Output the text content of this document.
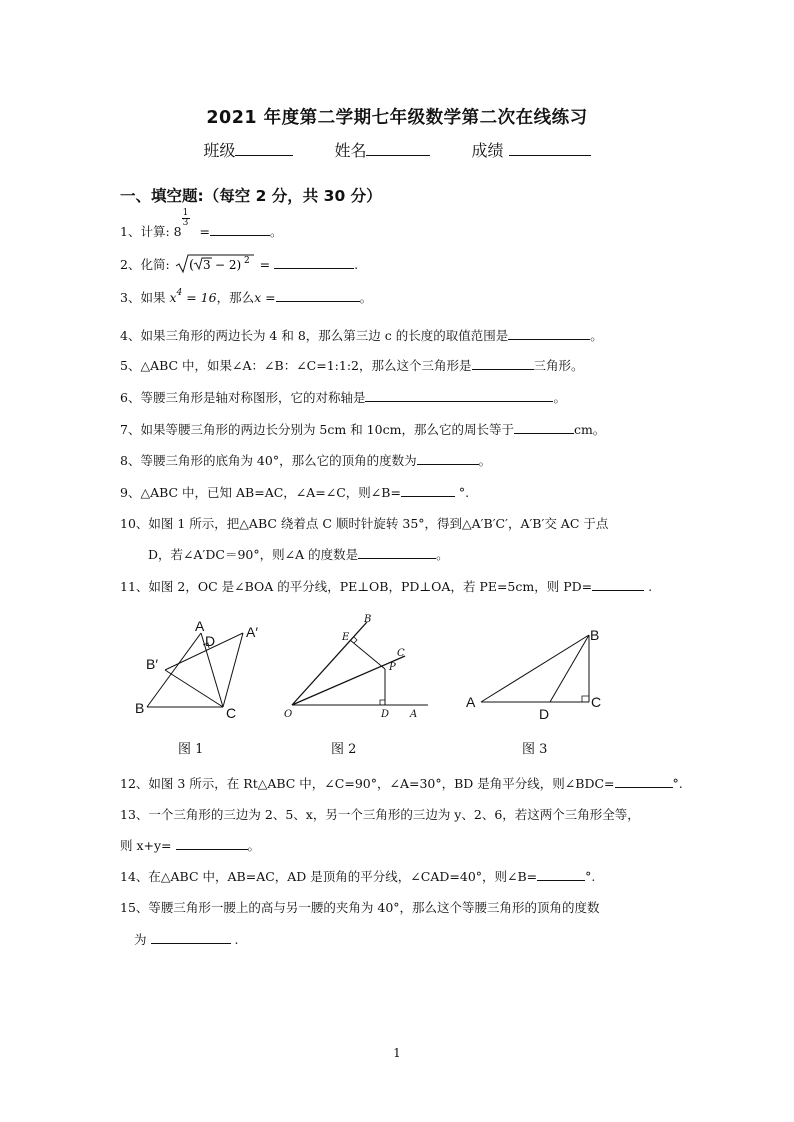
2021 年度第二学期七年级数学第二次在线练习
班级	姓名	成绩
一、填空题:（每空 2 分，共 30 分）
1、计算: $8 \frac{1}{3}$ =	。
2、化简: ( 3 − 2) 2 =	.
3、如果 $x^4 = 16$，那么x =	。
4、如果三角形的两边长为 4 和 8，那么第三边 c 的长度的取值范围是	。
5、△ABC 中，如果∠A：∠B：∠C=1:1:2，那么这个三角形是	三角形。
6、等腰三角形是轴对称图形，它的对称轴是	。
7、如果等腰三角形的两边长分别为 5cm 和 10cm，那么它的周长等于	cm。
8、等腰三角形的底角为 40°，那么它的顶角的度数为	。
9、△ABC 中，已知 AB=AC，∠A=∠C，则∠B=	°.
10、如图 1 所示，把△ABC 绕着点 C 顺时针旋转 35°，得到△A′B′C′，A′B′交 AC 于点
D，若∠A′DC＝90°，则∠A 的度数是	。
11、如图 2，OC 是∠BOA 的平分线，PE⊥OB，PD⊥OA，若 PE=5cm，则 PD=	.
A	A′
D
B′
B	C
B
E
C
P
O	D A
B
A
D
C
图 1	图 2	图 3
12、如图 3 所示，在 Rt△ABC 中，∠C=90°，∠A=30°，BD 是角平分线，则∠BDC=	°.
13、一个三角形的三边为 2、5、x，另一个三角形的三边为 y、2、6，若这两个三角形全等，
则 x+y=	。
14、在△ABC 中，AB=AC，AD 是顶角的平分线，∠CAD=40°，则∠B=	°.
15、等腰三角形一腰上的高与另一腰的夹角为 40°，那么这个等腰三角形的顶角的度数
为	.
1
